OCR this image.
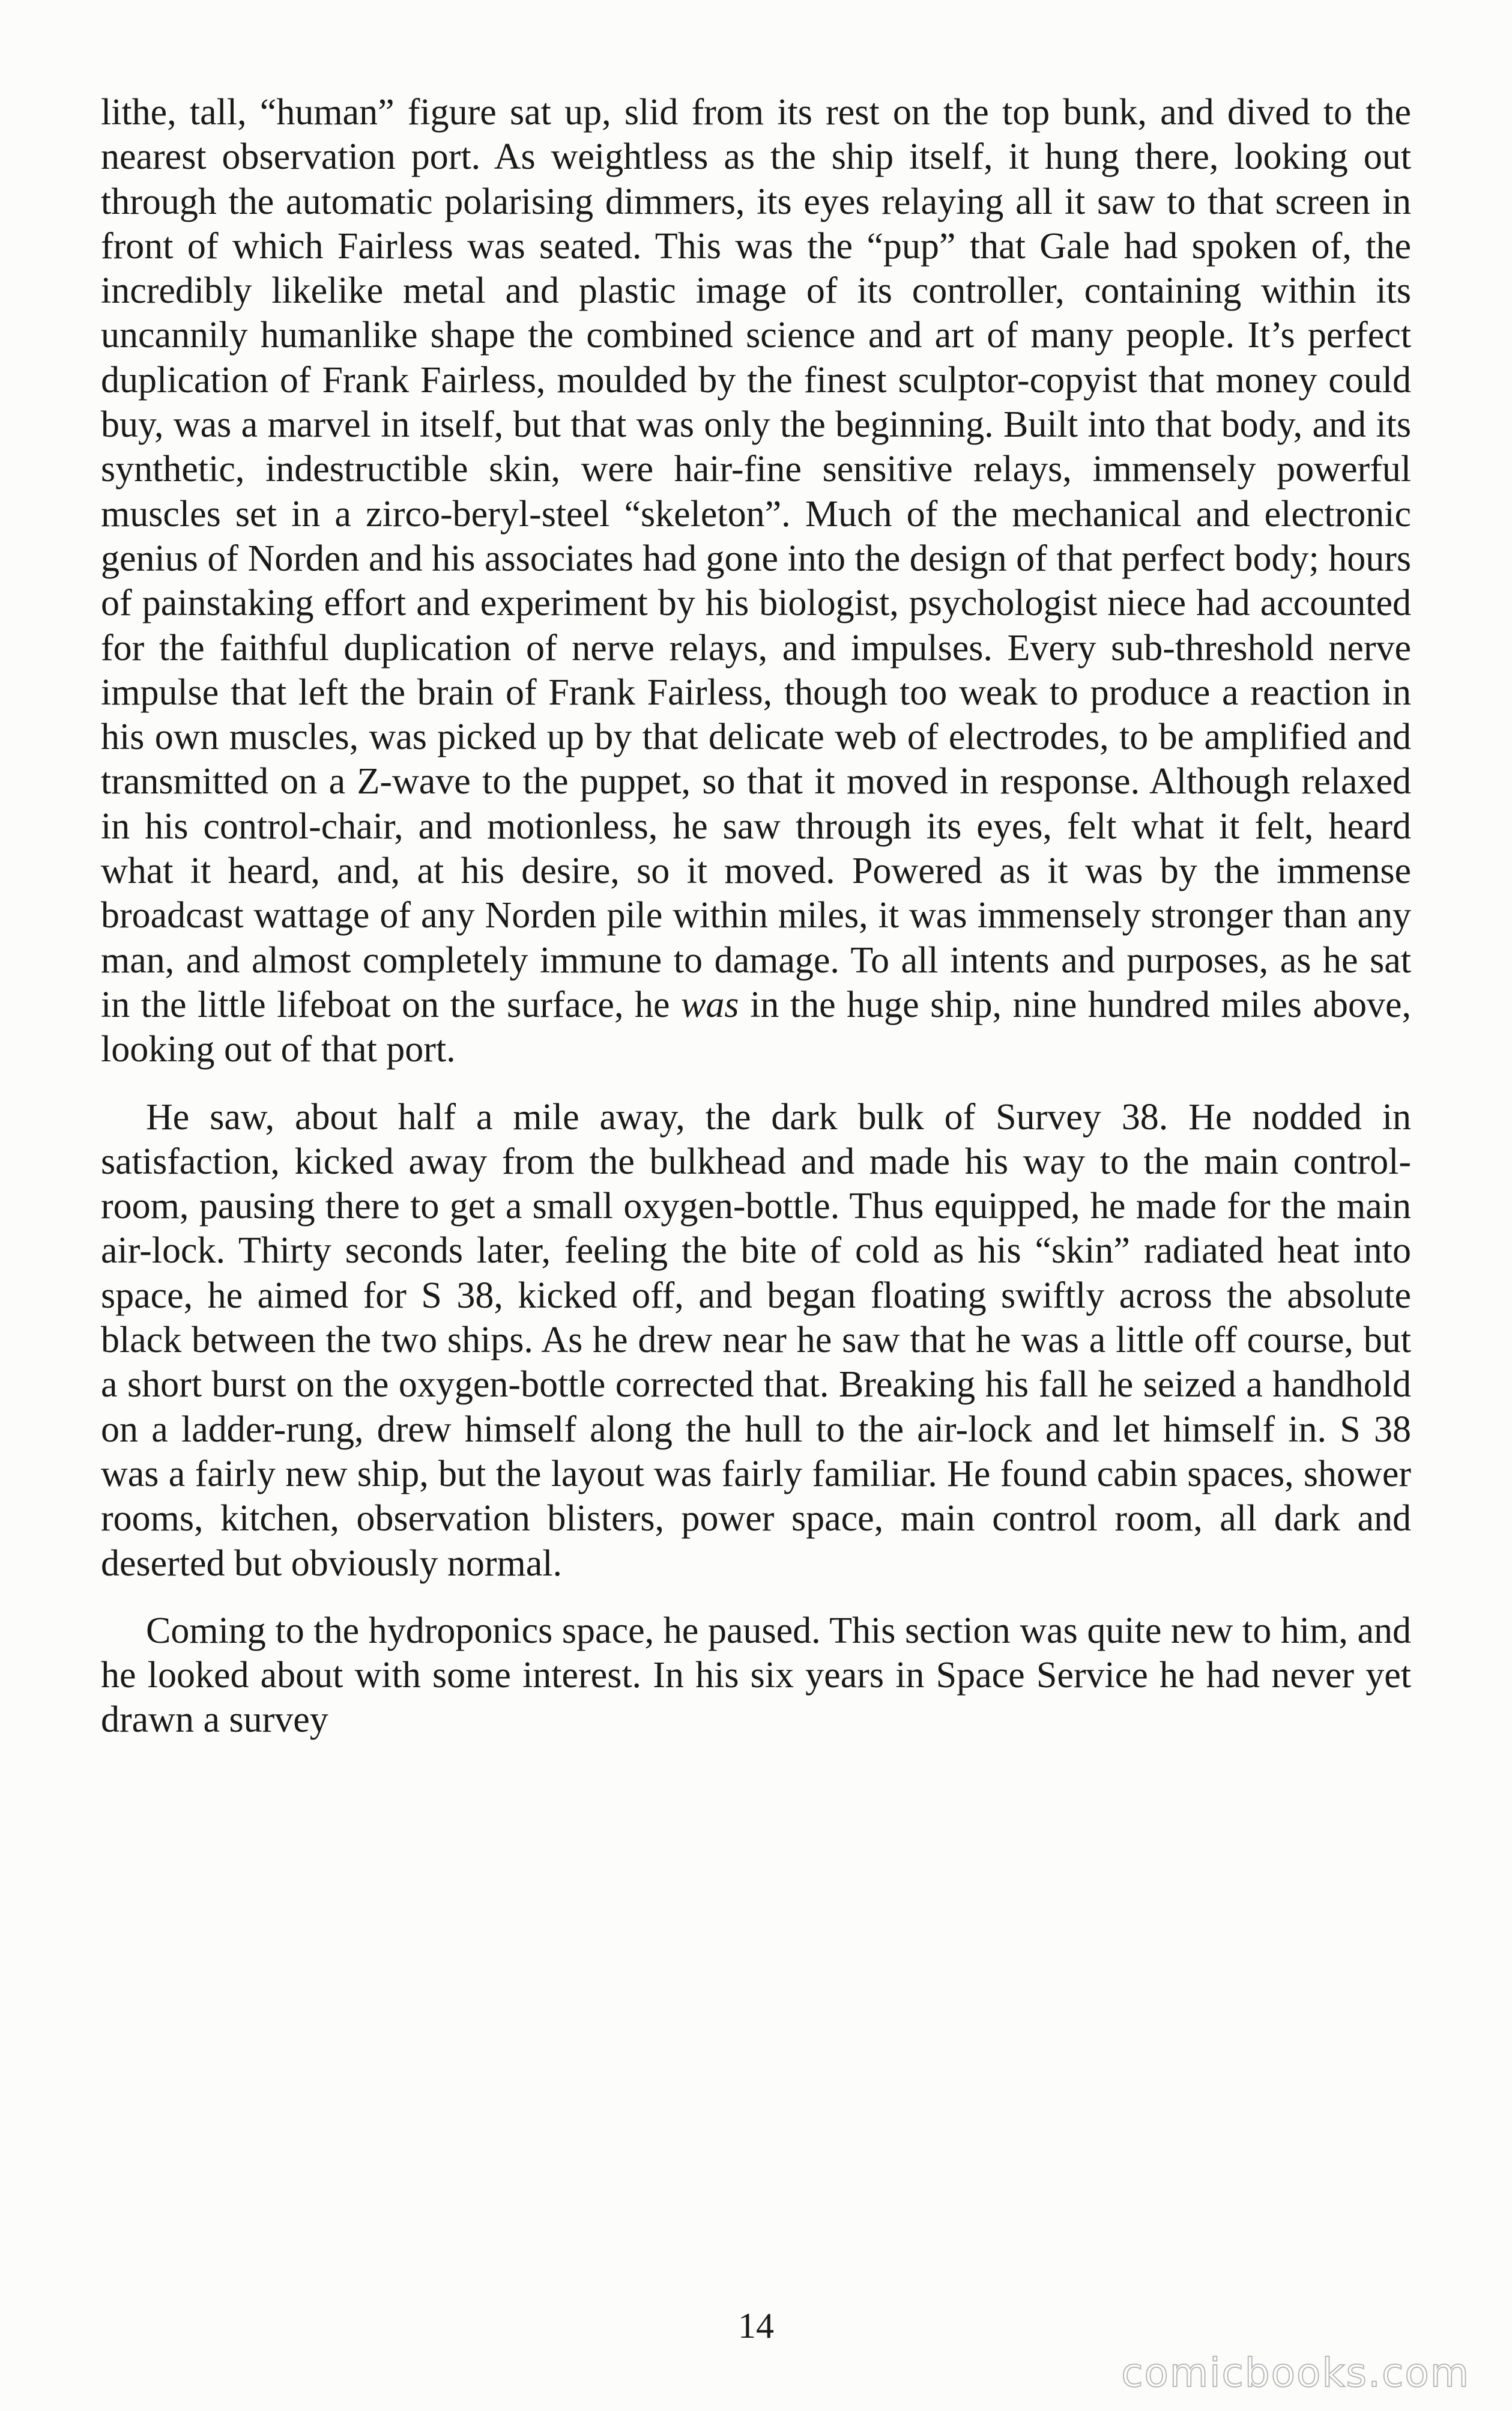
lithe, tall, “human” figure sat up, slid from its rest on the top bunk, and dived to the nearest observation port. As weightless as the ship itself, it hung there, looking out through the automatic polarising dimmers, its eyes relaying all it saw to that screen in front of which Fairless was seated. This was the “pup” that Gale had spoken of, the incredibly likelike metal and plastic image of its controller, containing within its uncannily humanlike shape the combined science and art of many people. It’s perfect duplication of Frank Fairless, moulded by the finest sculptor-copyist that money could buy, was a marvel in itself, but that was only the beginning. Built into that body, and its synthetic, indestructible skin, were hair-fine sensitive relays, immensely powerful muscles set in a zirco-beryl-steel “skeleton”. Much of the mechanical and electronic genius of Norden and his associates had gone into the design of that perfect body; hours of painstaking effort and experiment by his biologist, psychologist niece had accounted for the faithful duplication of nerve relays, and impulses. Every sub-threshold nerve impulse that left the brain of Frank Fairless, though too weak to produce a reaction in his own muscles, was picked up by that delicate web of electrodes, to be amplified and transmitted on a Z-wave to the puppet, so that it moved in response. Although relaxed in his control-chair, and motionless, he saw through its eyes, felt what it felt, heard what it heard, and, at his desire, so it moved. Powered as it was by the immense broadcast wattage of any Norden pile within miles, it was immensely stronger than any man, and almost completely immune to damage. To all intents and purposes, as he sat in the little lifeboat on the surface, he was in the huge ship, nine hundred miles above, looking out of that port.

He saw, about half a mile away, the dark bulk of Survey 38. He nodded in satisfaction, kicked away from the bulkhead and made his way to the main control-room, pausing there to get a small oxygen-bottle. Thus equipped, he made for the main air-lock. Thirty seconds later, feeling the bite of cold as his “skin” radiated heat into space, he aimed for S 38, kicked off, and began floating swiftly across the absolute black between the two ships. As he drew near he saw that he was a little off course, but a short burst on the oxygen-bottle corrected that. Breaking his fall he seized a handhold on a ladder-rung, drew himself along the hull to the air-lock and let himself in. S 38 was a fairly new ship, but the layout was fairly familiar. He found cabin spaces, shower rooms, kitchen, observation blisters, power space, main control room, all dark and deserted but obviously normal.

Coming to the hydroponics space, he paused. This section was quite new to him, and he looked about with some interest. In his six years in Space Service he had never yet drawn a survey

14
comicbooks.com
